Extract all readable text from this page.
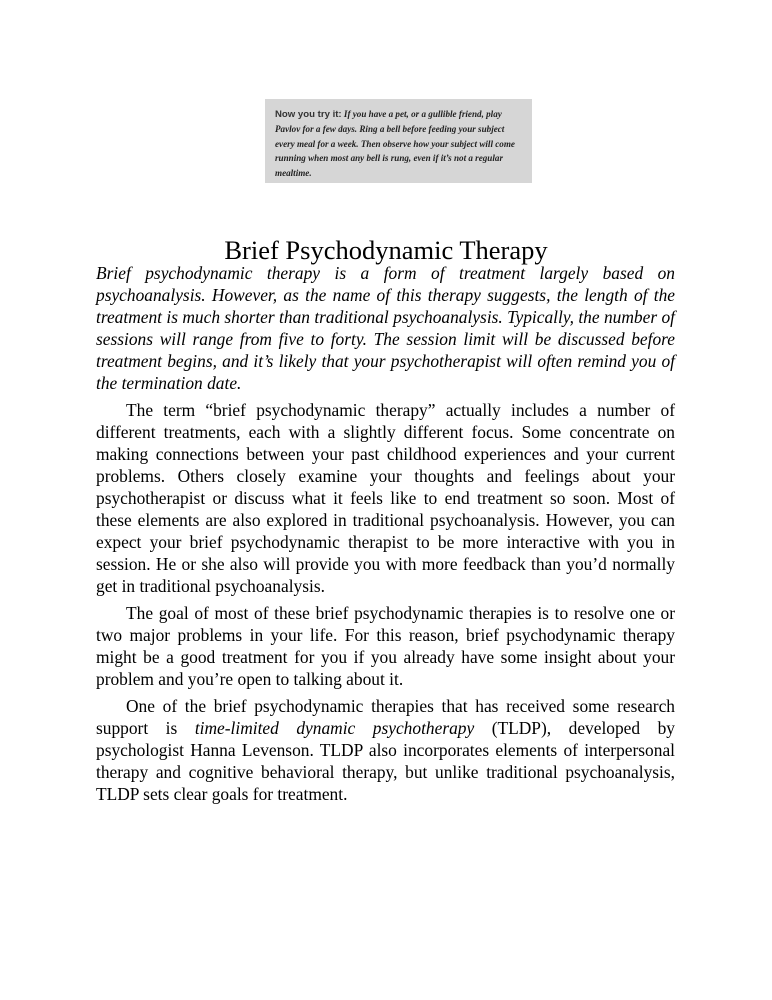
Now you try it: If you have a pet, or a gullible friend, play Pavlov for a few days. Ring a bell before feeding your subject every meal for a week. Then observe how your subject will come running when most any bell is rung, even if it’s not a regular mealtime.
Brief Psychodynamic Therapy

Brief psychodynamic therapy is a form of treatment largely based on psychoanalysis. However, as the name of this therapy suggests, the length of the treatment is much shorter than traditional psychoanalysis. Typically, the number of sessions will range from five to forty. The session limit will be discussed before treatment begins, and it’s likely that your psychotherapist will often remind you of the termination date.

The term “brief psychodynamic therapy” actually includes a number of different treatments, each with a slightly different focus. Some concentrate on making connections between your past childhood experiences and your current problems. Others closely examine your thoughts and feelings about your psychotherapist or discuss what it feels like to end treatment so soon. Most of these elements are also explored in traditional psychoanalysis. However, you can expect your brief psychodynamic therapist to be more interactive with you in session. He or she also will provide you with more feedback than you’d normally get in traditional psychoanalysis.

The goal of most of these brief psychodynamic therapies is to resolve one or two major problems in your life. For this reason, brief psychodynamic therapy might be a good treatment for you if you already have some insight about your problem and you’re open to talking about it.

One of the brief psychodynamic therapies that has received some research support is time-limited dynamic psychotherapy (TLDP), developed by psychologist Hanna Levenson. TLDP also incorporates elements of interpersonal therapy and cognitive behavioral therapy, but unlike traditional psychoanalysis, TLDP sets clear goals for treatment.
